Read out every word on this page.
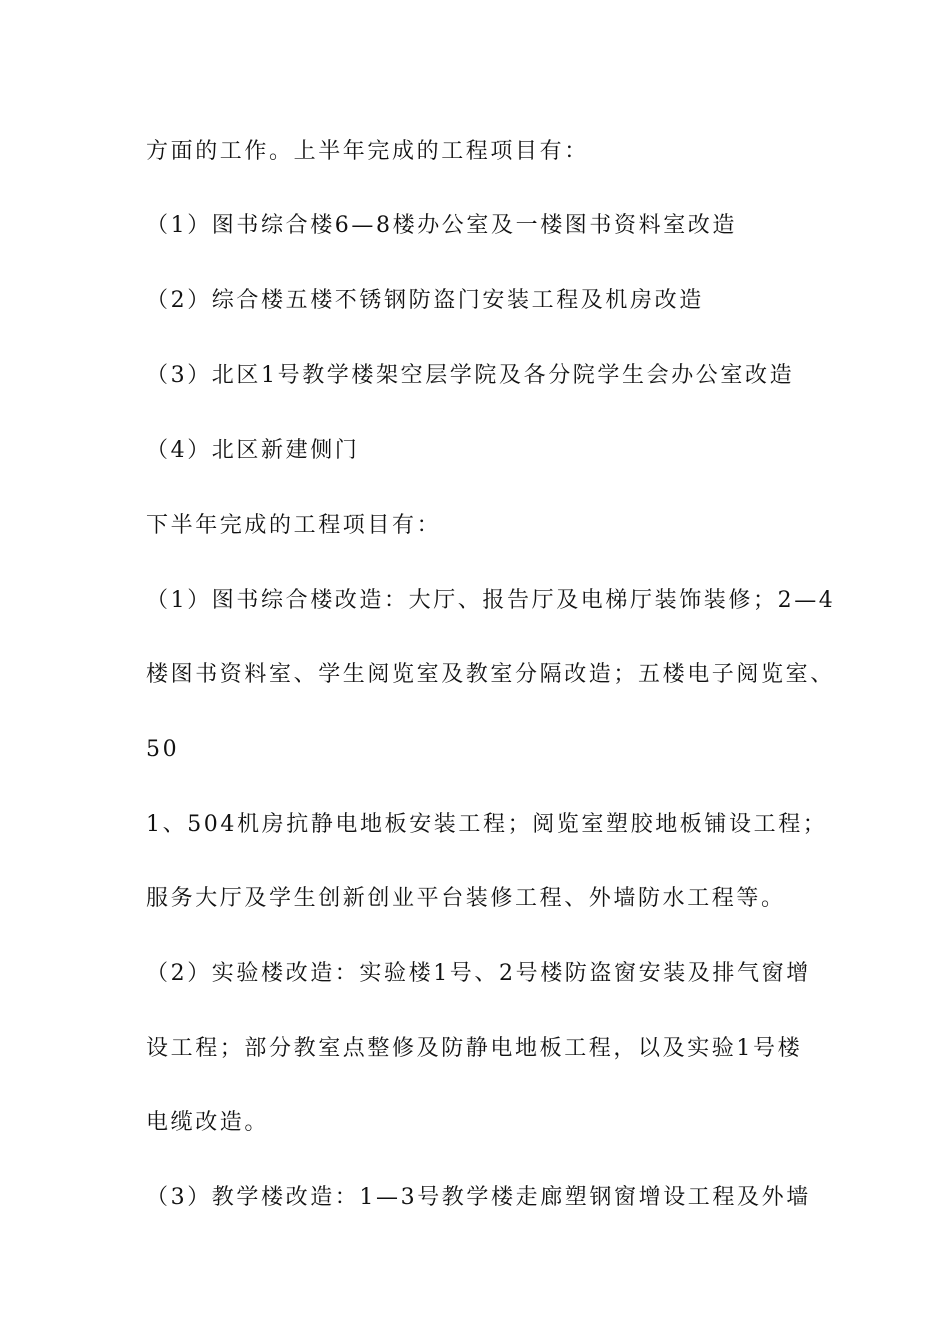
方面的工作。上半年完成的工程项目有：
（1）图书综合楼6—8楼办公室及一楼图书资料室改造
（2）综合楼五楼不锈钢防盗门安装工程及机房改造
（3）北区1号教学楼架空层学院及各分院学生会办公室改造
（4）北区新建侧门
下半年完成的工程项目有：
（1）图书综合楼改造：大厅、报告厅及电梯厅装饰装修；2—4
楼图书资料室、学生阅览室及教室分隔改造；五楼电子阅览室、
50
1、504机房抗静电地板安装工程；阅览室塑胶地板铺设工程；
服务大厅及学生创新创业平台装修工程、外墙防水工程等。
（2）实验楼改造：实验楼1号、2号楼防盗窗安装及排气窗增
设工程；部分教室点整修及防静电地板工程，以及实验1号楼
电缆改造。
（3）教学楼改造：1—3号教学楼走廊塑钢窗增设工程及外墙
